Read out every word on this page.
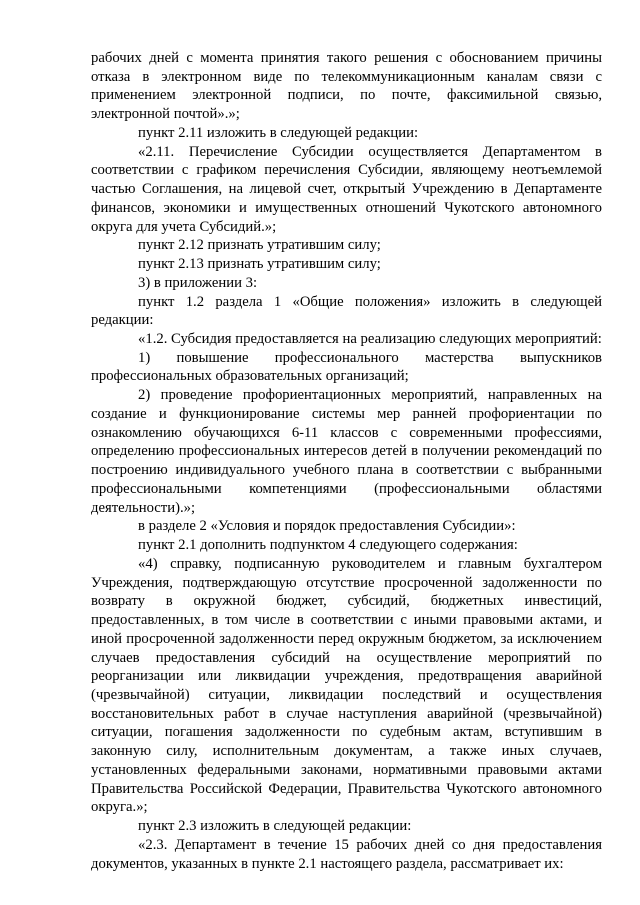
рабочих дней с момента принятия такого решения с обоснованием причины отказа в электронном виде по телекоммуникационным каналам связи с применением электронной подписи, по почте, факсимильной связью, электронной почтой».»;

пункт 2.11 изложить в следующей редакции:

«2.11. Перечисление Субсидии осуществляется Департаментом в соответствии с графиком перечисления Субсидии, являющему неотъемлемой частью Соглашения, на лицевой счет, открытый Учреждению в Департаменте финансов, экономики и имущественных отношений Чукотского автономного округа для учета Субсидий.»;

пункт 2.12 признать утратившим силу;

пункт 2.13 признать утратившим силу;

3) в приложении 3:

пункт 1.2 раздела 1 «Общие положения» изложить в следующей редакции:

«1.2. Субсидия предоставляется на реализацию следующих мероприятий:

1) повышение профессионального мастерства выпускников профессиональных образовательных организаций;

2) проведение профориентационных мероприятий, направленных на создание и функционирование системы мер ранней профориентации по ознакомлению обучающихся 6-11 классов с современными профессиями, определению профессиональных интересов детей в получении рекомендаций по построению индивидуального учебного плана в соответствии с выбранными профессиональными компетенциями (профессиональными областями деятельности).»;

в разделе 2 «Условия и порядок предоставления Субсидии»:

пункт 2.1 дополнить подпунктом 4 следующего содержания:

«4) справку, подписанную руководителем и главным бухгалтером Учреждения, подтверждающую отсутствие просроченной задолженности по возврату в окружной бюджет, субсидий, бюджетных инвестиций, предоставленных, в том числе в соответствии с иными правовыми актами, и иной просроченной задолженности перед окружным бюджетом, за исключением случаев предоставления субсидий на осуществление мероприятий по реорганизации или ликвидации учреждения, предотвращения аварийной (чрезвычайной) ситуации, ликвидации последствий и осуществления восстановительных работ в случае наступления аварийной (чрезвычайной) ситуации, погашения задолженности по судебным актам, вступившим в законную силу, исполнительным документам, а также иных случаев, установленных федеральными законами, нормативными правовыми актами Правительства Российской Федерации, Правительства Чукотского автономного округа.»;

пункт 2.3 изложить в следующей редакции:

«2.3. Департамент в течение 15 рабочих дней со дня предоставления документов, указанных в пункте 2.1 настоящего раздела, рассматривает их:
